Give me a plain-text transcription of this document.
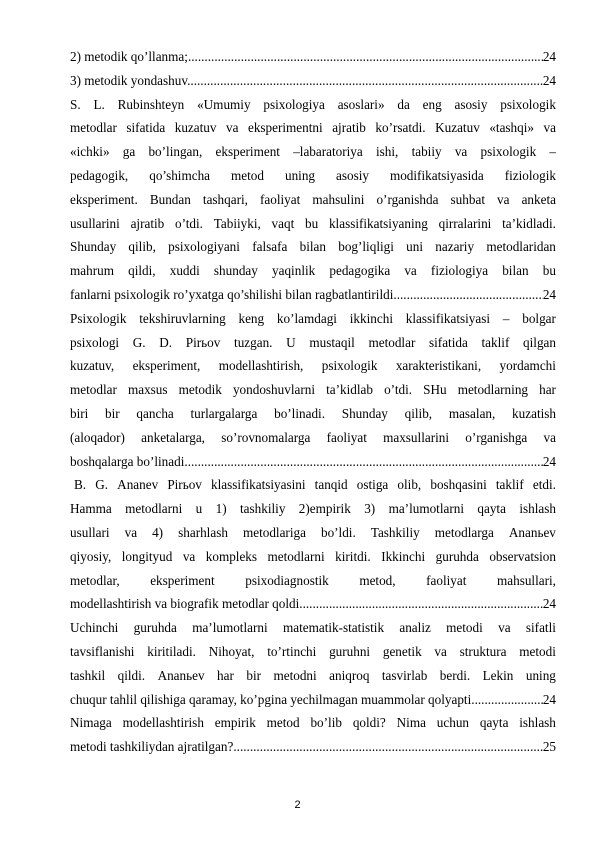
2) metodik qo’llanma; .....	24
3) metodik yondashuv. .....	24
S. L. Rubinshteyn «Umumiy psixologiya asoslari» da eng asosiy psixologik
metodlar sifatida kuzatuv va eksperimentni ajratib ko’rsatdi. Kuzatuv «tashqi» va
«ichki» ga bo’lingan, eksperiment –labaratoriya ishi, tabiiy va psixologik –
pedagogik, qo’shimcha metod uning asosiy modifikatsiyasida fiziologik
eksperiment. Bundan tashqari, faoliyat mahsulini o’rganishda suhbat va anketa
usullarini ajratib o’tdi. Tabiiyki, vaqt bu klassifikatsiyaning qirralarini ta’kidladi.
Shunday qilib, psixologiyani falsafa bilan bog’liqligi uni nazariy metodlaridan
mahrum qildi, xuddi shunday yaqinlik pedagogika va fiziologiya bilan bu
fanlarni psixologik ro’yxatga qo’shilishi bilan ragbatlantirildi. .....	24
Psixologik tekshiruvlarning keng ko’lamdagi ikkinchi klassifikatsiyasi – bolgar
psixologi G. D. Pirьov tuzgan. U mustaqil metodlar sifatida taklif qilgan
kuzatuv, eksperiment, modellashtirish, psixologik xarakteristikani, yordamchi
metodlar maxsus metodik yondoshuvlarni ta’kidlab o’tdi. SHu metodlarning har
biri bir qancha turlargalarga bo’linadi. Shunday qilib, masalan, kuzatish
(aloqador) anketalarga, so’rovnomalarga faoliyat maxsullarini o’rganishga va
boshqalarga bo’linadi. .....	24
B. G. Ananev Pirьov klassifikatsiyasini tanqid ostiga olib, boshqasini taklif etdi.
Hamma metodlarni u 1) tashkiliy 2)empirik 3) ma’lumotlarni qayta ishlash
usullari va 4) sharhlash metodlariga bo’ldi. Tashkiliy metodlarga Ananьev
qiyosiy, longityud va kompleks metodlarni kiritdi. Ikkinchi guruhda observatsion
metodlar, eksperiment psixodiagnostik metod, faoliyat mahsullari,
modellashtirish va biografik metodlar qoldi. .....	24
Uchinchi guruhda ma’lumotlarni matematik-statistik analiz metodi va sifatli
tavsiflanishi kiritiladi. Nihoyat, to’rtinchi guruhni genetik va struktura metodi
tashkil qildi. Ananьev har bir metodni aniqroq tasvirlab berdi. Lekin uning
chuqur tahlil qilishiga qaramay, ko’pgina yechilmagan muammolar qolyapti. .....	24
Nimaga modellashtirish empirik metod bo’lib qoldi? Nima uchun qayta ishlash
metodi tashkiliydan ajratilgan? .....	25
2
